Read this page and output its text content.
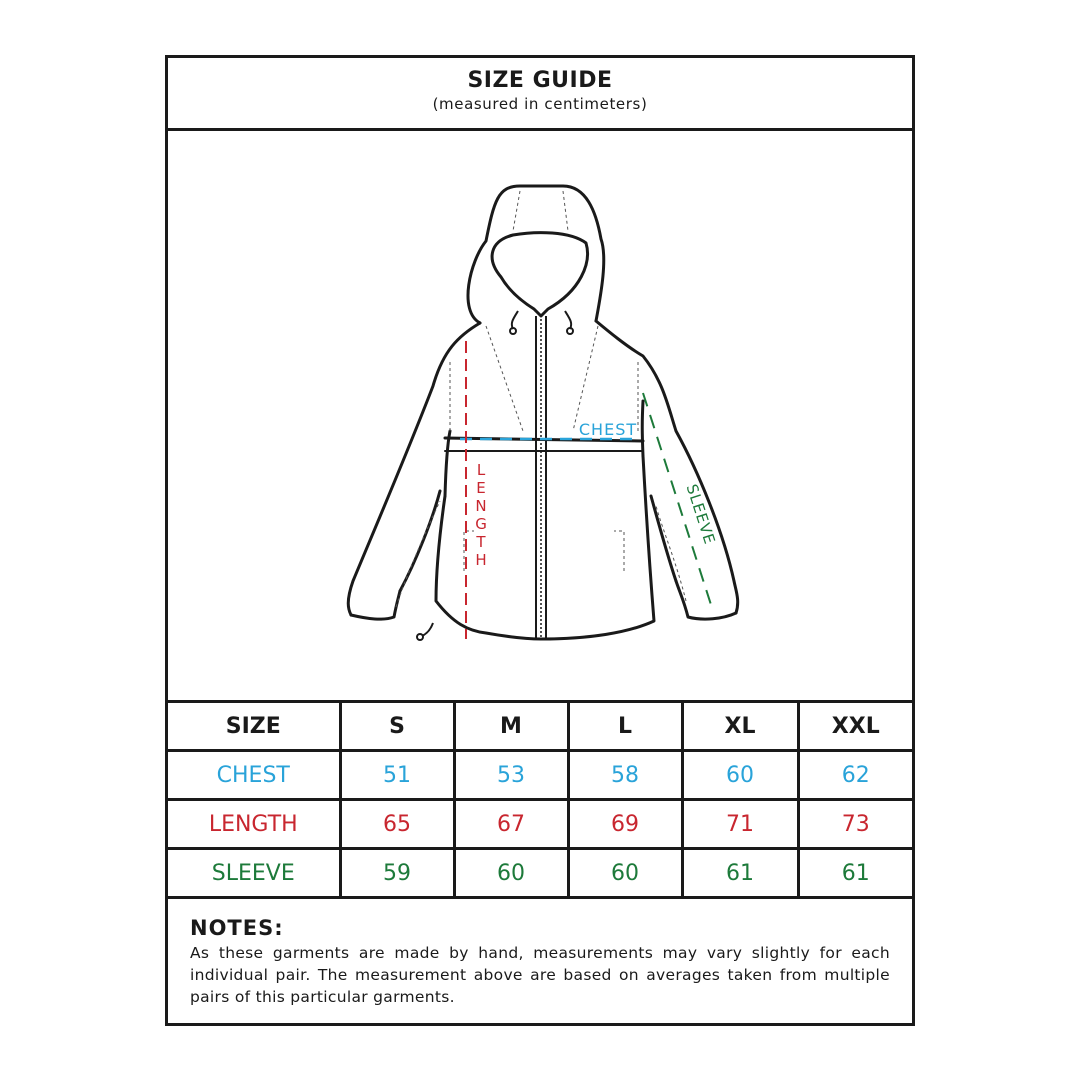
SIZE GUIDE
(measured in centimeters)
CHEST
L
E
N
G
T
H
SLEEVE
SIZE	S	M	L	XL	XXL
CHEST	51	53	58	60	62
LENGTH	65	67	69	71	73
SLEEVE	59	60	60	61	61
NOTES:
As these garments are made by hand, measurements may vary slightly for each individual pair. The measurement above are based on averages taken from multiple pairs of this particular garments.
